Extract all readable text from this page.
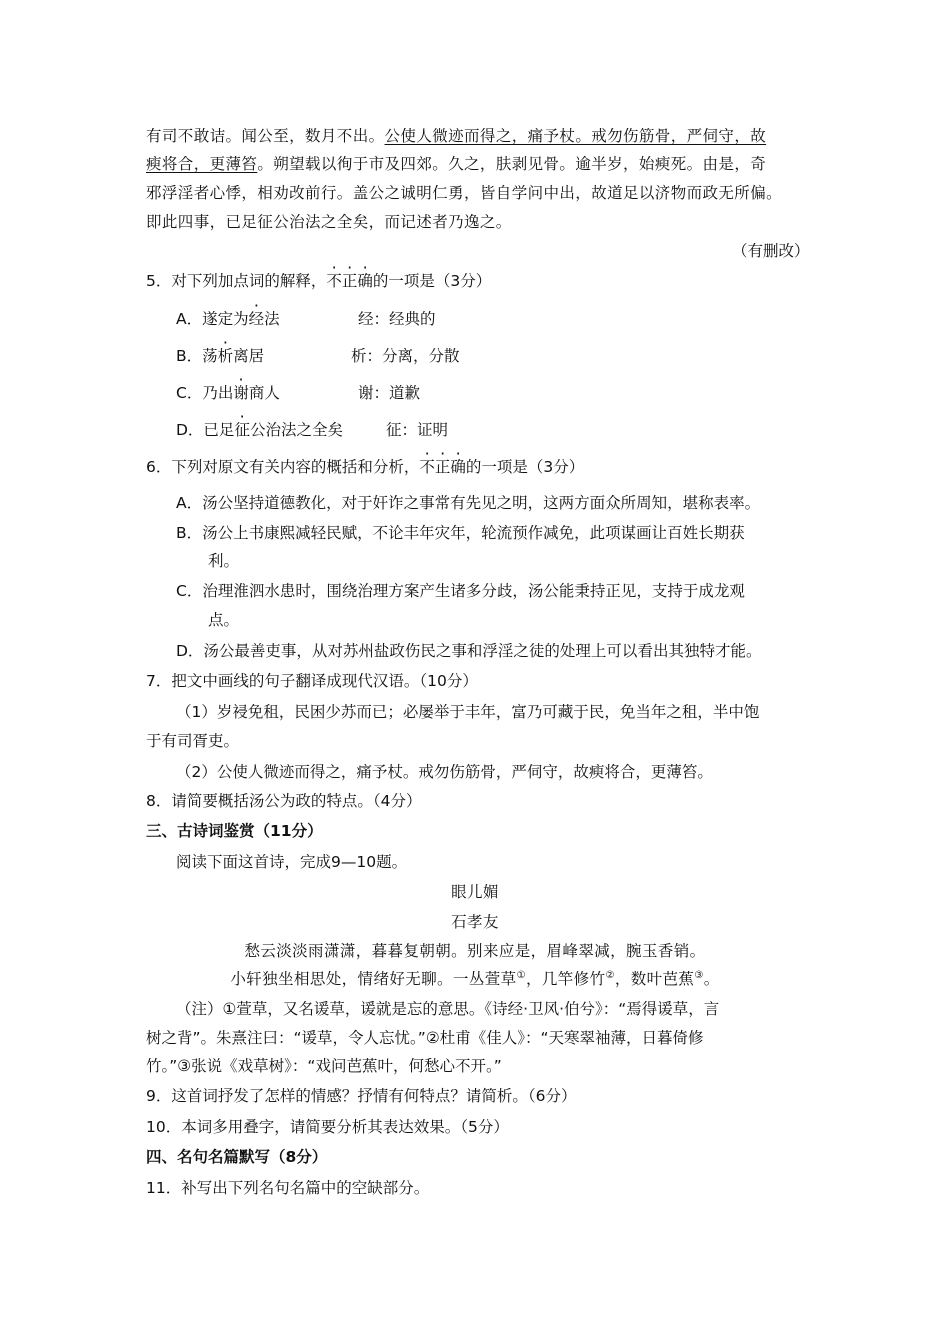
有司不敢诘。闻公至，数月不出。公使人微迹而得之，痛予杖。戒勿伤筋骨，严伺守，故
瘐将合，更薄笞。朔望载以徇于市及四郊。久之，肤剥见骨。逾半岁，始瘐死。由是，奇
邪浮淫者心悸，相劝改前行。盖公之诚明仁勇，皆自学问中出，故道足以济物而政无所偏。
即此四事，已足征公治法之全矣，而记述者乃逸之。
（有删改）
5．对下列加点词的解释，不正确的一项是（3分）
A．遂定为经法	经：经典的
B．荡析离居	析：分离，分散
C．乃出谢商人	谢：道歉
D．已足征公治法之全矣	征：证明
6．下列对原文有关内容的概括和分析，不正确的一项是（3分）
A．汤公坚持道德教化，对于奸诈之事常有先见之明，这两方面众所周知，堪称表率。
B．汤公上书康熙减轻民赋，不论丰年灾年，轮流预作减免，此项谋画让百姓长期获
利。
C．治理淮泗水患时，围绕治理方案产生诸多分歧，汤公能秉持正见，支持于成龙观
点。
D．汤公最善吏事，从对苏州盐政伤民之事和浮淫之徒的处理上可以看出其独特才能。
7．把文中画线的句子翻译成现代汉语。（10分）
（1）岁祲免租，民困少苏而已；必屡举于丰年，富乃可藏于民，免当年之租，半中饱
于有司胥吏。
（2）公使人微迹而得之，痛予杖。戒勿伤筋骨，严伺守，故瘐将合，更薄笞。
8．请简要概括汤公为政的特点。（4分）
三、古诗词鉴赏（11分）
阅读下面这首诗，完成9—10题。
眼儿媚
石孝友
愁云淡淡雨潇潇，暮暮复朝朝。别来应是，眉峰翠减，腕玉香销。
小轩独坐相思处，情绪好无聊。一丛萱草①，几竿修竹②，数叶芭蕉③。
（注）①萱草，又名谖草，谖就是忘的意思。《诗经·卫风·伯兮》：“焉得谖草，言
树之背”。朱熹注曰：“谖草，令人忘忧。”②杜甫《佳人》：“天寒翠袖薄，日暮倚修
竹。”③张说《戏草树》：“戏问芭蕉叶，何愁心不开。”
9．这首词抒发了怎样的情感？抒情有何特点？请简析。（6分）
10．本词多用叠字，请简要分析其表达效果。（5分）
四、名句名篇默写（8分）
11．补写出下列名句名篇中的空缺部分。
